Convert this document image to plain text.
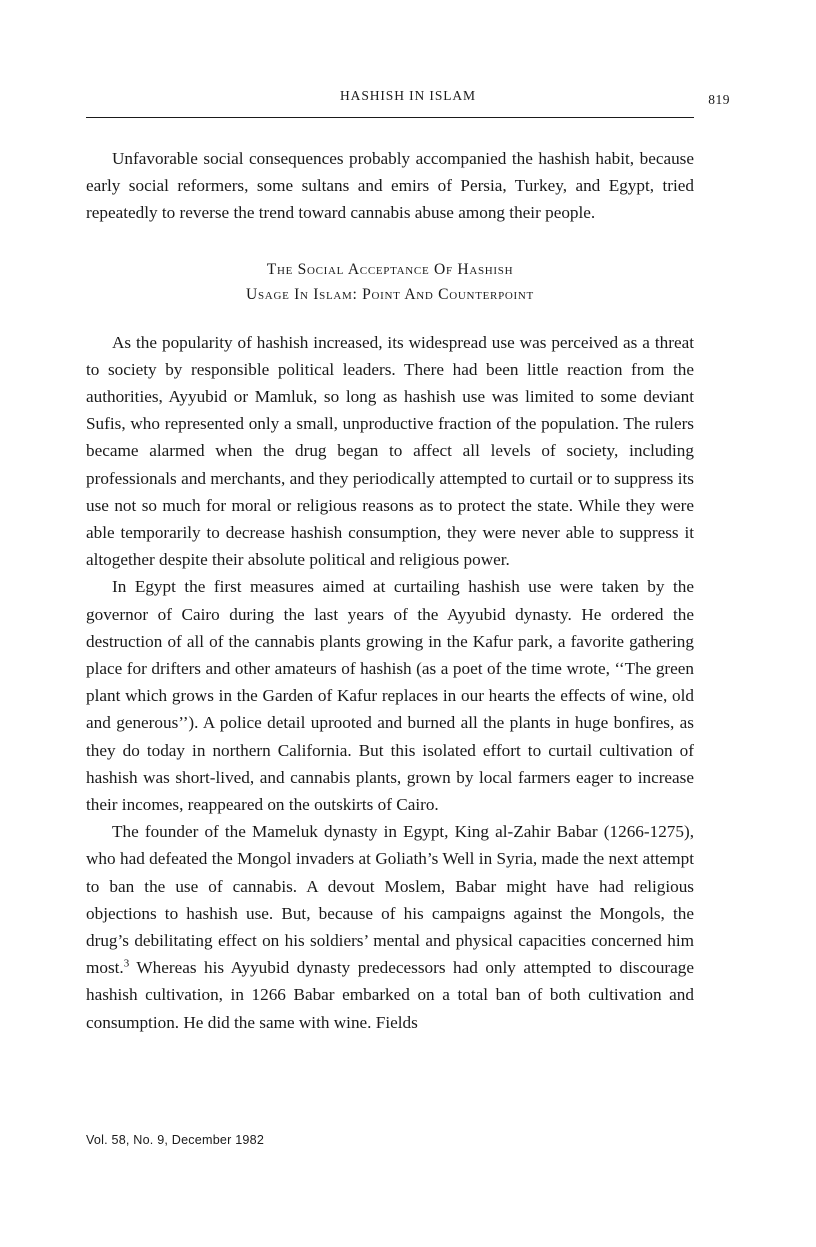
HASHISH IN ISLAM	819

Unfavorable social consequences probably accompanied the hashish habit, because early social reformers, some sultans and emirs of Persia, Turkey, and Egypt, tried repeatedly to reverse the trend toward cannabis abuse among their people.

The Social Acceptance Of Hashish
Usage In Islam: Point And Counterpoint

As the popularity of hashish increased, its widespread use was perceived as a threat to society by responsible political leaders. There had been little reaction from the authorities, Ayyubid or Mamluk, so long as hashish use was limited to some deviant Sufis, who represented only a small, unproductive fraction of the population. The rulers became alarmed when the drug began to affect all levels of society, including professionals and merchants, and they periodically attempted to curtail or to suppress its use not so much for moral or religious reasons as to protect the state. While they were able temporarily to decrease hashish consumption, they were never able to suppress it altogether despite their absolute political and religious power.

In Egypt the first measures aimed at curtailing hashish use were taken by the governor of Cairo during the last years of the Ayyubid dynasty. He ordered the destruction of all of the cannabis plants growing in the Kafur park, a favorite gathering place for drifters and other amateurs of hashish (as a poet of the time wrote, ‘‘The green plant which grows in the Garden of Kafur replaces in our hearts the effects of wine, old and generous’’). A police detail uprooted and burned all the plants in huge bonfires, as they do today in northern California. But this isolated effort to curtail cultivation of hashish was short-lived, and cannabis plants, grown by local farmers eager to increase their incomes, reappeared on the outskirts of Cairo.

The founder of the Mameluk dynasty in Egypt, King al-Zahir Babar (1266-1275), who had defeated the Mongol invaders at Goliath’s Well in Syria, made the next attempt to ban the use of cannabis. A devout Moslem, Babar might have had religious objections to hashish use. But, because of his campaigns against the Mongols, the drug’s debilitating effect on his soldiers’ mental and physical capacities concerned him most.$^3$ Whereas his Ayyubid dynasty predecessors had only attempted to discourage hashish cultivation, in 1266 Babar embarked on a total ban of both cultivation and consumption. He did the same with wine. Fields

Vol. 58, No. 9, December 1982
